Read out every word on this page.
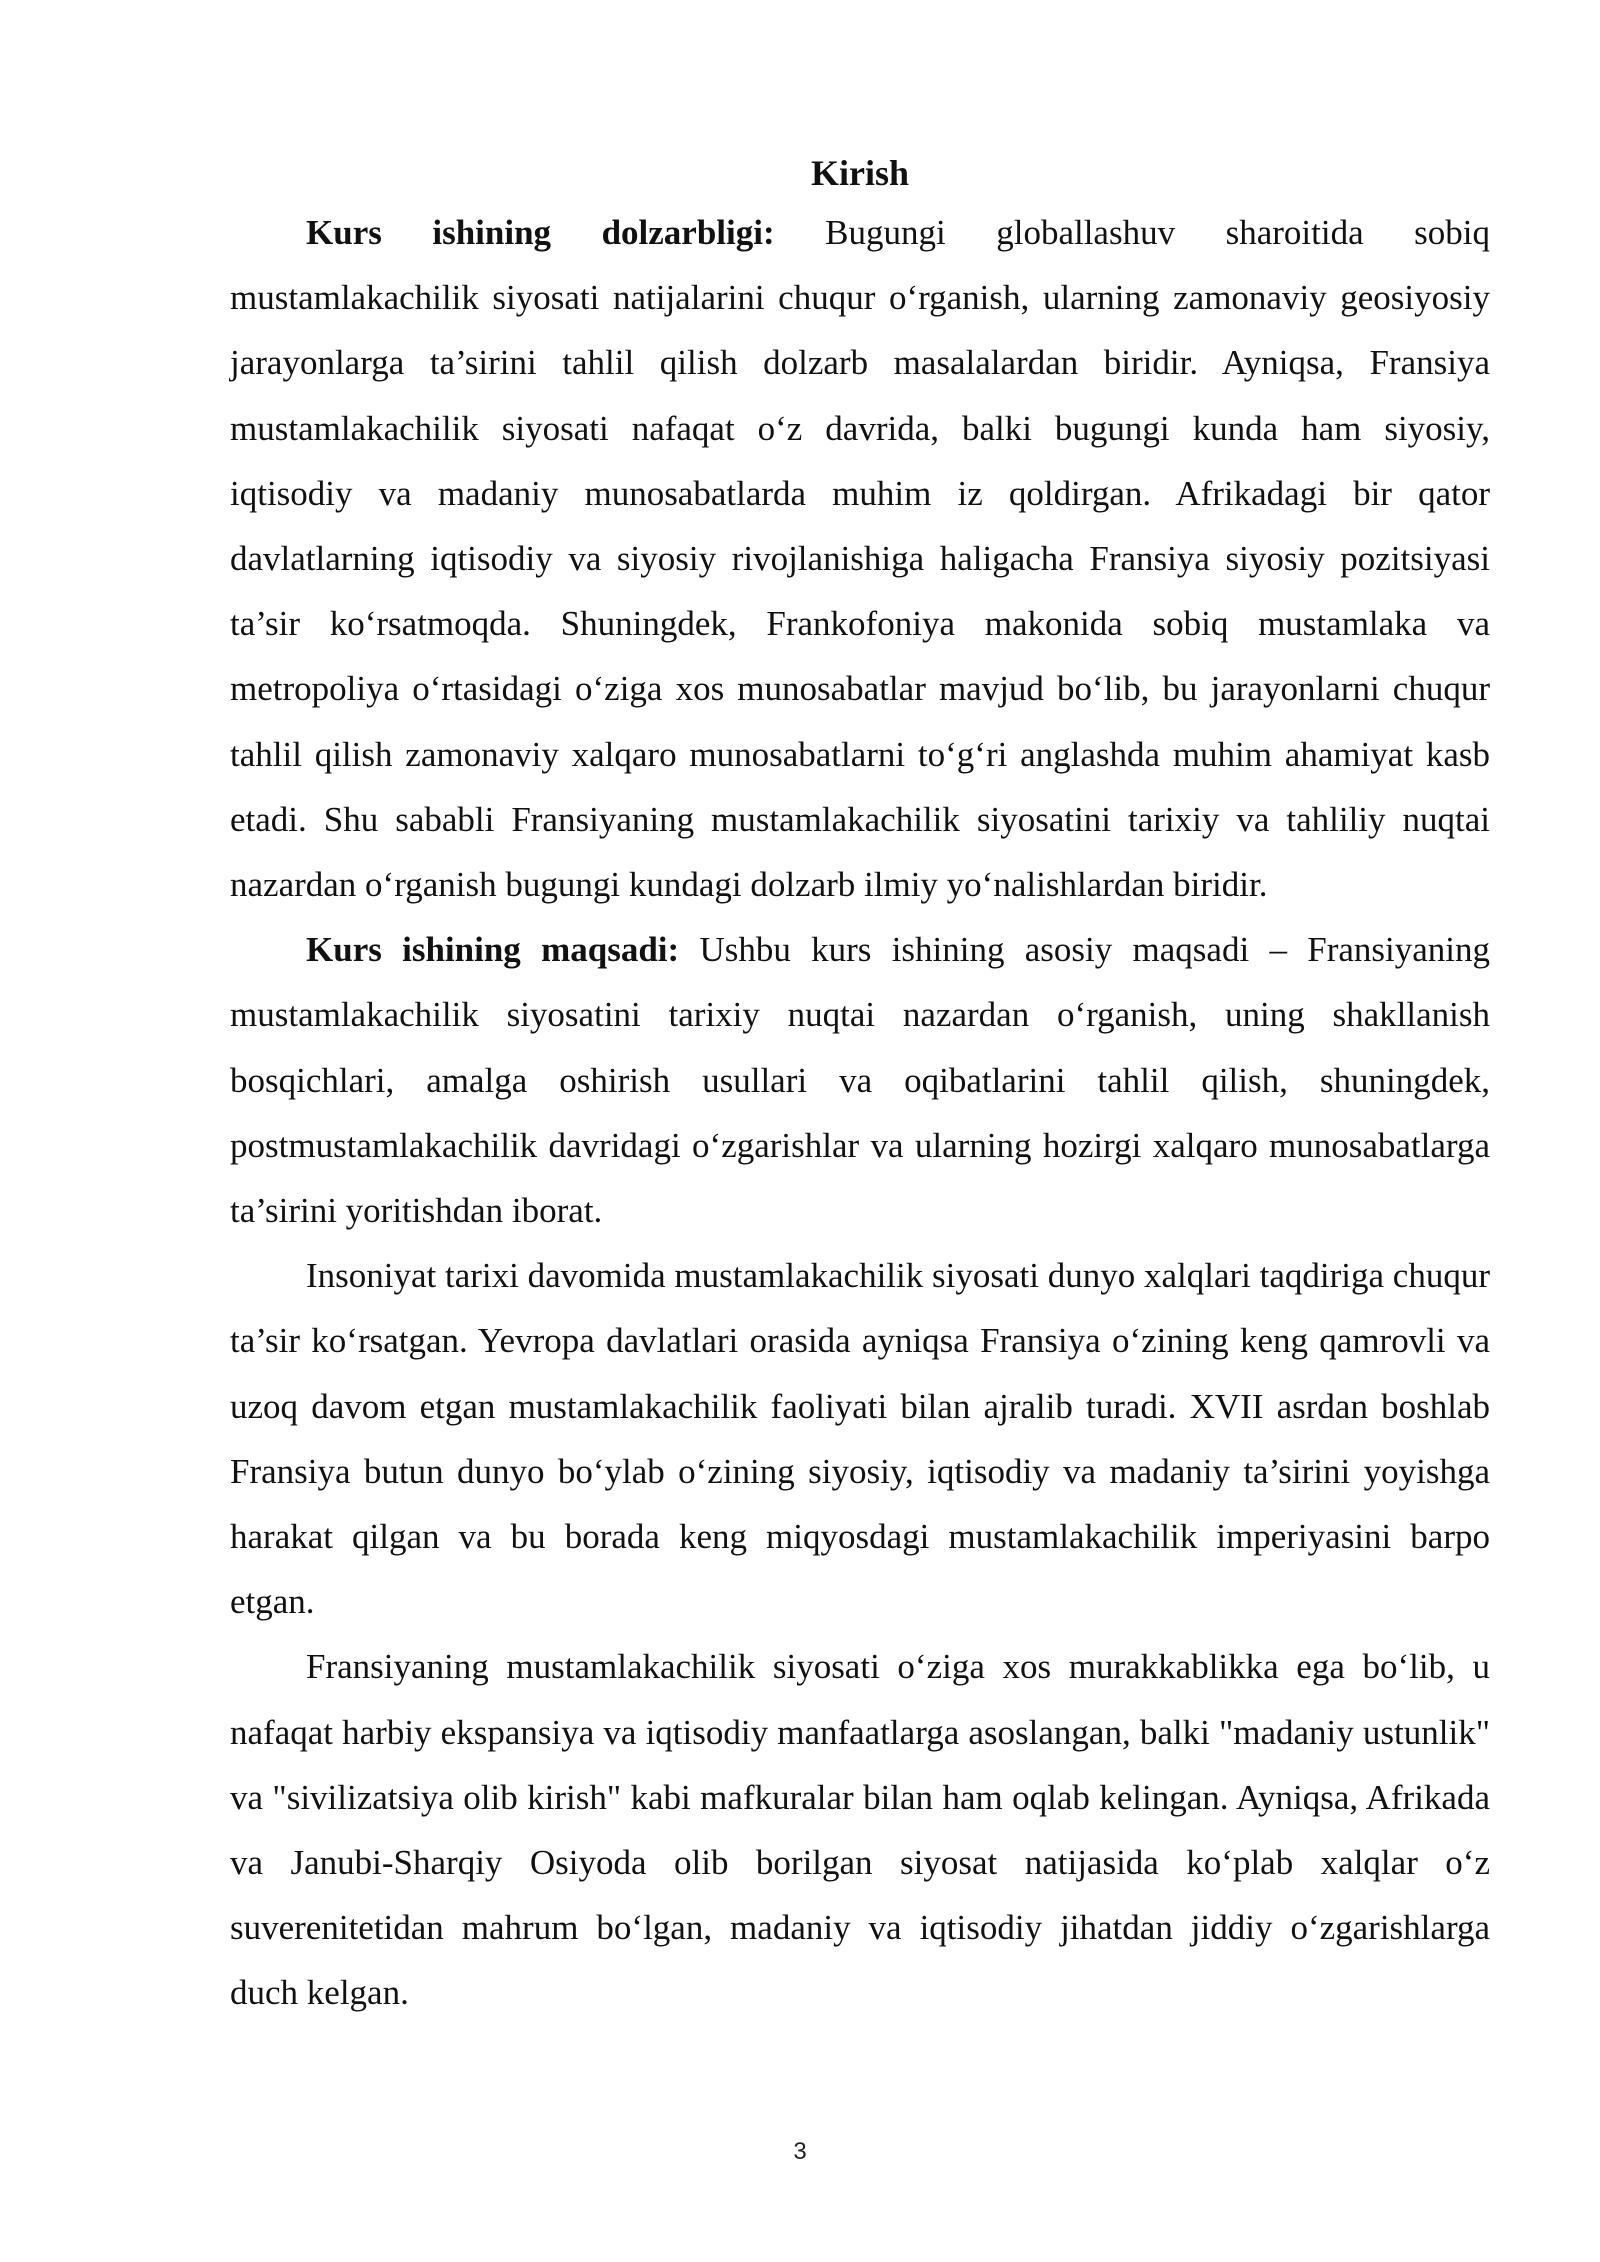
Kirish

Kurs ishining dolzarbligi: Bugungi globallashuv sharoitida sobiq mustamlakachilik siyosati natijalarini chuqur o‘rganish, ularning zamonaviy geosiyosiy jarayonlarga ta’sirini tahlil qilish dolzarb masalalardan biridir. Ayniqsa, Fransiya mustamlakachilik siyosati nafaqat o‘z davrida, balki bugungi kunda ham siyosiy, iqtisodiy va madaniy munosabatlarda muhim iz qoldirgan. Afrikadagi bir qator davlatlarning iqtisodiy va siyosiy rivojlanishiga haligacha Fransiya siyosiy pozitsiyasi ta’sir ko‘rsatmoqda. Shuningdek, Frankofoniya makonida sobiq mustamlaka va metropoliya o‘rtasidagi o‘ziga xos munosabatlar mavjud bo‘lib, bu jarayonlarni chuqur tahlil qilish zamonaviy xalqaro munosabatlarni to‘g‘ri anglashda muhim ahamiyat kasb etadi. Shu sababli Fransiyaning mustamlakachilik siyosatini tarixiy va tahliliy nuqtai nazardan o‘rganish bugungi kundagi dolzarb ilmiy yo‘nalishlardan biridir.

Kurs ishining maqsadi: Ushbu kurs ishining asosiy maqsadi – Fransiyaning mustamlakachilik siyosatini tarixiy nuqtai nazardan o‘rganish, uning shakllanish bosqichlari, amalga oshirish usullari va oqibatlarini tahlil qilish, shuningdek, postmustamlakachilik davridagi o‘zgarishlar va ularning hozirgi xalqaro munosabatlarga ta’sirini yoritishdan iborat.

Insoniyat tarixi davomida mustamlakachilik siyosati dunyo xalqlari taqdiriga chuqur ta’sir ko‘rsatgan. Yevropa davlatlari orasida ayniqsa Fransiya o‘zining keng qamrovli va uzoq davom etgan mustamlakachilik faoliyati bilan ajralib turadi. XVII asrdan boshlab Fransiya butun dunyo bo‘ylab o‘zining siyosiy, iqtisodiy va madaniy ta’sirini yoyishga harakat qilgan va bu borada keng miqyosdagi mustamlakachilik imperiyasini barpo etgan.

Fransiyaning mustamlakachilik siyosati o‘ziga xos murakkablikka ega bo‘lib, u nafaqat harbiy ekspansiya va iqtisodiy manfaatlarga asoslangan, balki "madaniy ustunlik" va "sivilizatsiya olib kirish" kabi mafkuralar bilan ham oqlab kelingan. Ayniqsa, Afrikada va Janubi-Sharqiy Osiyoda olib borilgan siyosat natijasida ko‘plab xalqlar o‘z suverenitetidan mahrum bo‘lgan, madaniy va iqtisodiy jihatdan jiddiy o‘zgarishlarga duch kelgan.

3
